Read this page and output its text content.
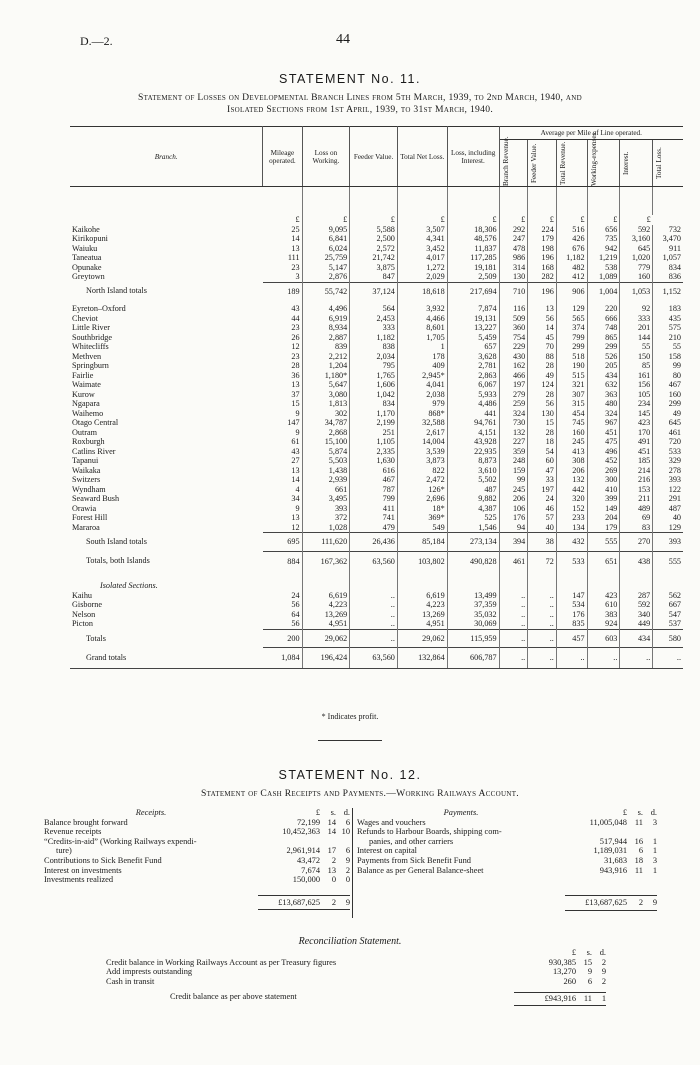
D.—2.	44
STATEMENT No. 11.
Statement of Losses on Developmental Branch Lines from 5th March, 1939, to 2nd March, 1940, and
Isolated Sections from 1st April, 1939, to 31st March, 1940.
Branch.	Mileage operated.	Loss on Working.	Feeder Value.	Total Net Loss.	Loss, including Interest.	Average per Mile of Line operated.					

						Branch Revenue.	Feeder Value.	Total Revenue.	Working-expenses.	Interest.	Total Loss.

	£	£	£	£	£	£	£	£	£	£	
Kaikohe	25	9,095	5,588	3,507	18,306	292	224	516	656	592	732
Kirikopuni	14	6,841	2,500	4,341	48,576	247	179	426	735	3,160	3,470
Waiuku	13	6,024	2,572	3,452	11,837	478	198	676	942	645	911
Taneatua	111	25,759	21,742	4,017	117,285	986	196	1,182	1,219	1,020	1,057
Opunake	23	5,147	3,875	1,272	19,181	314	168	482	538	779	834
Greytown	3	2,876	847	2,029	2,509	130	282	412	1,089	160	836
North Island totals	189	55,742	37,124	18,618	217,694	710	196	906	1,004	1,053	1,152

Eyreton–Oxford	43	4,496	564	3,932	7,874	116	13	129	220	92	183
Cheviot	44	6,919	2,453	4,466	19,131	509	56	565	666	333	435
Little River	23	8,934	333	8,601	13,227	360	14	374	748	201	575
Southbridge	26	2,887	1,182	1,705	5,459	754	45	799	865	144	210
Whitecliffs	12	839	838	1	657	229	70	299	299	55	55
Methven	23	2,212	2,034	178	3,628	430	88	518	526	150	158
Springburn	28	1,204	795	409	2,781	162	28	190	205	85	99
Fairlie	36	1,180*	1,765	2,945*	2,863	466	49	515	434	161	80
Waimate	13	5,647	1,606	4,041	6,067	197	124	321	632	156	467
Kurow	37	3,080	1,042	2,038	5,933	279	28	307	363	105	160
Ngapara	15	1,813	834	979	4,486	259	56	315	480	234	299
Waihemo	9	302	1,170	868*	441	324	130	454	324	145	49
Otago Central	147	34,787	2,199	32,588	94,761	730	15	745	967	423	645
Outram	9	2,868	251	2,617	4,151	132	28	160	451	170	461
Roxburgh	61	15,100	1,105	14,004	43,928	227	18	245	475	491	720
Catlins River	43	5,874	2,335	3,539	22,935	359	54	413	496	451	533
Tapanui	27	5,503	1,630	3,873	8,873	248	60	308	452	185	329
Waikaka	13	1,438	616	822	3,610	159	47	206	269	214	278
Switzers	14	2,939	467	2,472	5,502	99	33	132	300	216	393
Wyndham	4	661	787	126*	487	245	197	442	410	153	122
Seaward Bush	34	3,495	799	2,696	9,882	206	24	320	399	211	291
Orawia	9	393	411	18*	4,387	106	46	152	149	489	487
Forest Hill	13	372	741	369*	525	176	57	233	204	69	40
Mararoa	12	1,028	479	549	1,546	94	40	134	179	83	129
South Island totals	695	111,620	26,436	85,184	273,134	394	38	432	555	270	393
Totals, both Islands	884	167,362	63,560	103,802	490,828	461	72	533	651	438	555
Isolated Sections.											
Kaihu	24	6,619	..	6,619	13,499	..	..	147	423	287	562
Gisborne	56	4,223	..	4,223	37,359	..	..	534	610	592	667
Nelson	64	13,269	..	13,269	35,032	..	..	176	383	340	547
Picton	56	4,951	..	4,951	30,069	..	..	835	924	449	537
Totals	200	29,062	..	29,062	115,959	..	..	457	603	434	580
Grand totals	1,084	196,424	63,560	132,864	606,787	..	..	..	..	..	..
* Indicates profit.
STATEMENT No. 12.
Statement of Cash Receipts and Payments.—Working Railways Account.
Receipts.	£	s. d.
Balance brought forward	72,199 14	6
Revenue receipts	10,452,363 14 10
“Credits-in-aid” (Working Railways expendi-
ture)	2,961,914 17	6
Contributions to Sick Benefit Fund	43,472	2	9
Interest on investments	7,674 13	2
Investments realized	150,000	0	0
£13,687,625	2	9
Payments.	£	s. d.
Wages and vouchers	11,005,048 11	3
Refunds to Harbour Boards, shipping com-
panies, and other carriers	517,944 16	1
Interest on capital	1,189,031	6	1
Payments from Sick Benefit Fund	31,683 18	3
Balance as per General Balance-sheet	943,916 11	1
£13,687,625	2	9
Reconciliation Statement.
£	s. d.
Credit balance in Working Railways Account as per Treasury figures	930,385 15	2
Add imprests outstanding	13,270	9	9
Cash in transit	260	6	2
Credit balance as per above statement	£943,916 11	1
